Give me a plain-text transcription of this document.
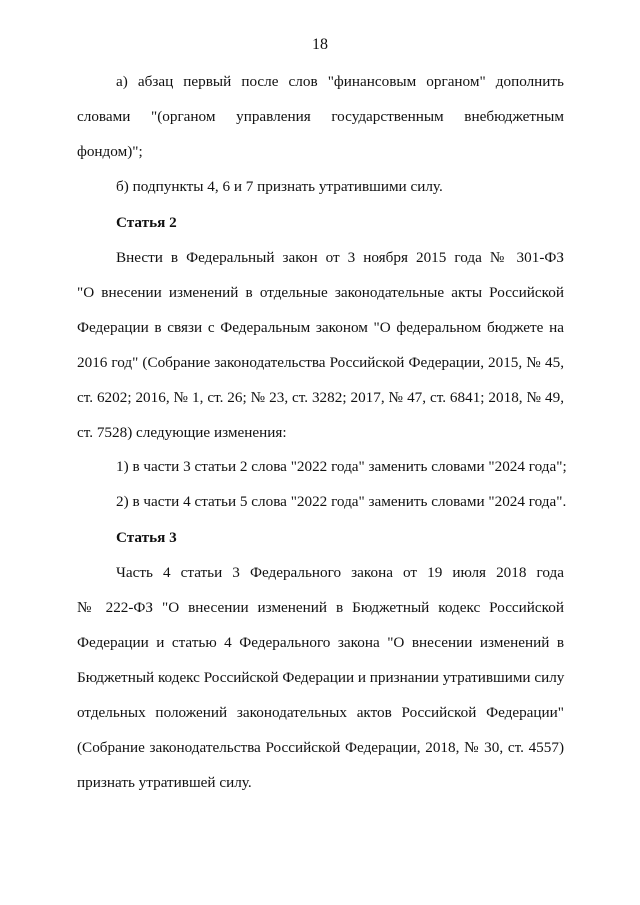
18

а) абзац первый после слов "финансовым органом" дополнить

словами "(органом управления государственным внебюджетным

фондом)";

б) подпункты 4, 6 и 7 признать утратившими силу.

Статья 2

Внести в Федеральный закон от 3 ноября 2015 года № 301-ФЗ

"О внесении изменений в отдельные законодательные акты Российской

Федерации в связи с Федеральным законом "О федеральном бюджете на

2016 год" (Собрание законодательства Российской Федерации, 2015, № 45,

ст. 6202; 2016, № 1, ст. 26; № 23, ст. 3282; 2017, № 47, ст. 6841; 2018, № 49,

ст. 7528) следующие изменения:

1) в части 3 статьи 2 слова "2022 года" заменить словами "2024 года";

2) в части 4 статьи 5 слова "2022 года" заменить словами "2024 года".

Статья 3

Часть 4 статьи 3 Федерального закона от 19 июля 2018 года

№ 222-ФЗ "О внесении изменений в Бюджетный кодекс Российской

Федерации и статью 4 Федерального закона "О внесении изменений в

Бюджетный кодекс Российской Федерации и признании утратившими силу

отдельных положений законодательных актов Российской Федерации"

(Собрание законодательства Российской Федерации, 2018, № 30, ст. 4557)

признать утратившей силу.
